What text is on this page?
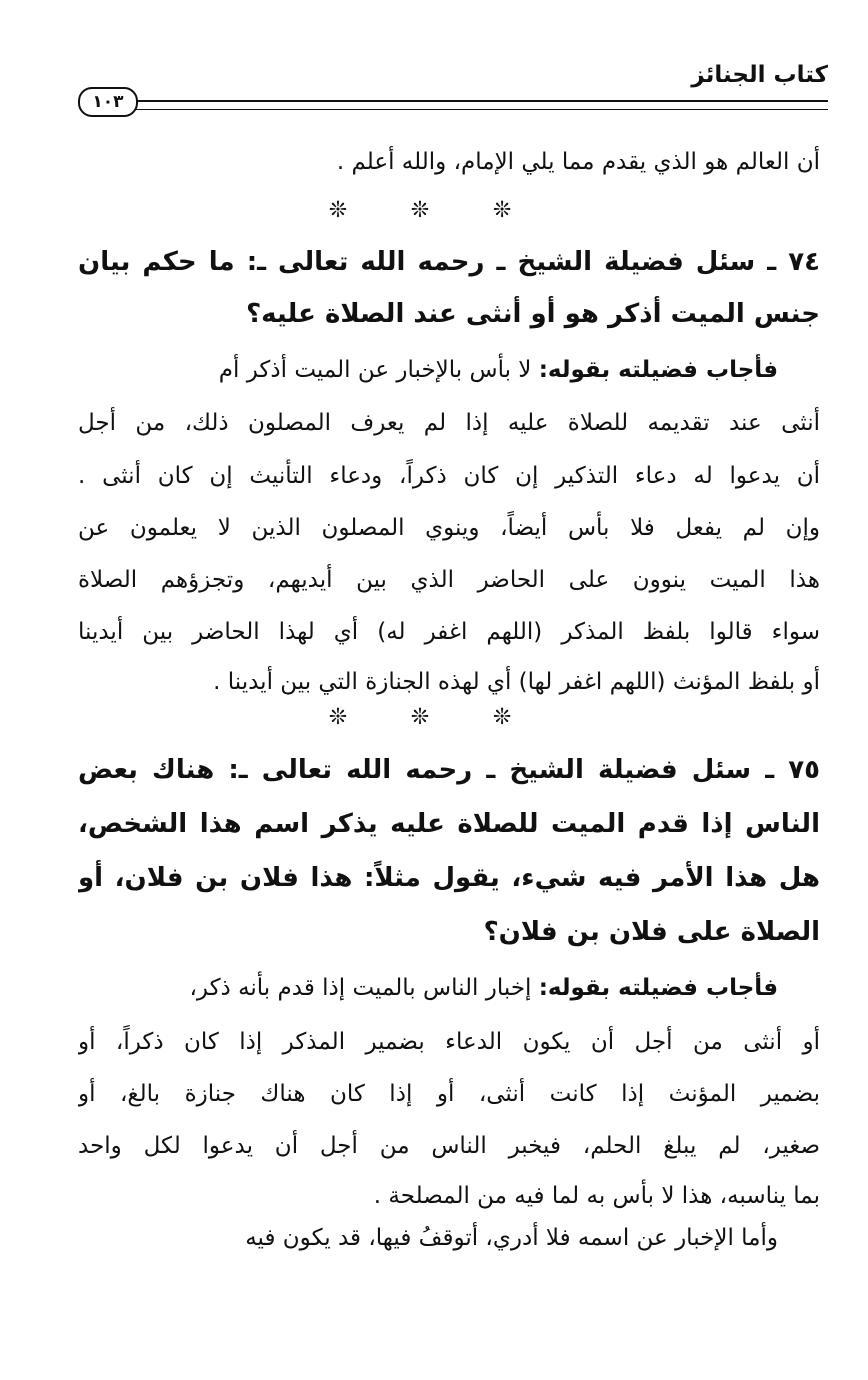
كتاب الجنائز
١٠٣
أن العالم هو الذي يقدم مما يلي الإمام، والله أعلم .
❊ ❊ ❊
٧٤ ـ سئل فضيلة الشيخ ـ رحمه الله تعالى ـ: ما حكم بيان
جنس الميت أذكر هو أو أنثى عند الصلاة عليه؟
فأجاب فضيلته بقوله: لا بأس بالإخبار عن الميت أذكر أم
أنثى عند تقديمه للصلاة عليه إذا لم يعرف المصلون ذلك، من أجل
أن يدعوا له دعاء التذكير إن كان ذكراً، ودعاء التأنيث إن كان أنثى .
وإن لم يفعل فلا بأس أيضاً، وينوي المصلون الذين لا يعلمون عن
هذا الميت ينوون على الحاضر الذي بين أيديهم، وتجزؤهم الصلاة
سواء قالوا بلفظ المذكر (اللهم اغفر له) أي لهذا الحاضر بين أيدينا
أو بلفظ المؤنث (اللهم اغفر لها) أي لهذه الجنازة التي بين أيدينا .
❊ ❊ ❊
٧٥ ـ سئل فضيلة الشيخ ـ رحمه الله تعالى ـ: هناك بعض
الناس إذا قدم الميت للصلاة عليه يذكر اسم هذا الشخص،
هل هذا الأمر فيه شيء، يقول مثلاً: هذا فلان بن فلان، أو
الصلاة على فلان بن فلان؟
فأجاب فضيلته بقوله: إخبار الناس بالميت إذا قدم بأنه ذكر،
أو أنثى من أجل أن يكون الدعاء بضمير المذكر إذا كان ذكراً، أو
بضمير المؤنث إذا كانت أنثى، أو إذا كان هناك جنازة بالغ، أو
صغير، لم يبلغ الحلم، فيخبر الناس من أجل أن يدعوا لكل واحد
بما يناسبه، هذا لا بأس به لما فيه من المصلحة .
وأما الإخبار عن اسمه فلا أدري، أتوقفُ فيها، قد يكون فيه
